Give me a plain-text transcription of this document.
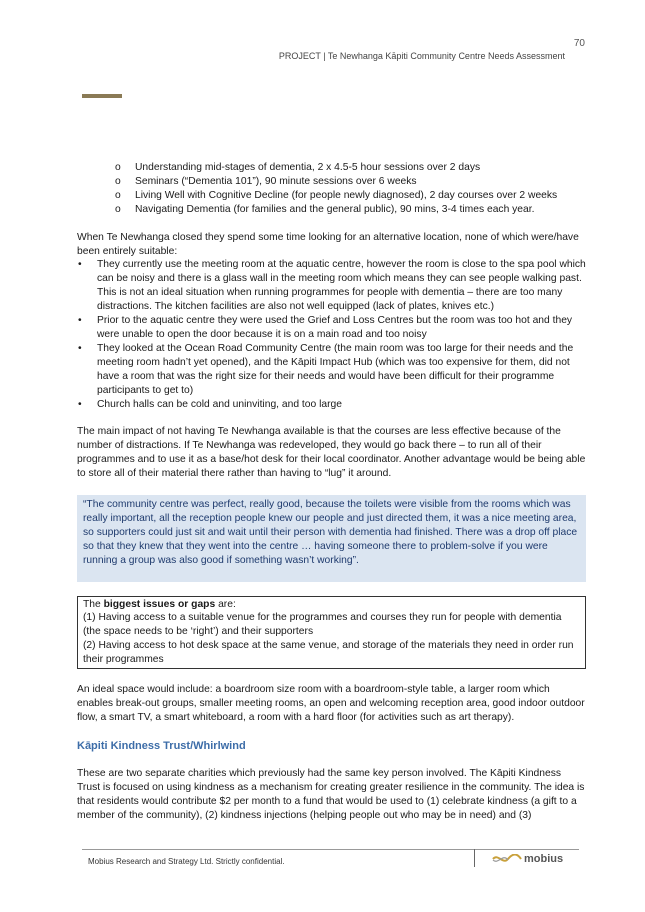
70
PROJECT | Te Newhanga Kāpiti Community Centre Needs Assessment
o Understanding mid-stages of dementia, 2 x 4.5-5 hour sessions over 2 days
o Seminars (“Dementia 101”), 90 minute sessions over 6 weeks
o Living Well with Cognitive Decline (for people newly diagnosed), 2 day courses over 2 weeks
o Navigating Dementia (for families and the general public), 90 mins, 3-4 times each year.

When Te Newhanga closed they spend some time looking for an alternative location, none of which were/have been entirely suitable:

• They currently use the meeting room at the aquatic centre, however the room is close to the spa pool which can be noisy and there is a glass wall in the meeting room which means they can see people walking past. This is not an ideal situation when running programmes for people with dementia – there are too many distractions. The kitchen facilities are also not well equipped (lack of plates, knives etc.)
• Prior to the aquatic centre they were used the Grief and Loss Centres but the room was too hot and they were unable to open the door because it is on a main road and too noisy
• They looked at the Ocean Road Community Centre (the main room was too large for their needs and the meeting room hadn’t yet opened), and the Kāpiti Impact Hub (which was too expensive for them, did not have a room that was the right size for their needs and would have been difficult for their programme participants to get to)
• Church halls can be cold and uninviting, and too large

The main impact of not having Te Newhanga available is that the courses are less effective because of the number of distractions. If Te Newhanga was redeveloped, they would go back there – to run all of their programmes and to use it as a base/hot desk for their local coordinator. Another advantage would be being able to store all of their material there rather than having to “lug” it around.

“The community centre was perfect, really good, because the toilets were visible from the rooms which was really important, all the reception people knew our people and just directed them, it was a nice meeting area, so supporters could just sit and wait until their person with dementia had finished. There was a drop off place so that they knew that they went into the centre … having someone there to problem-solve if you were running a group was also good if something wasn’t working”.
The biggest issues or gaps are:
(1) Having access to a suitable venue for the programmes and courses they run for people with dementia (the space needs to be ‘right’) and their supporters
(2) Having access to hot desk space at the same venue, and storage of the materials they need in order run their programmes

An ideal space would include: a boardroom size room with a boardroom-style table, a larger room which enables break-out groups, smaller meeting rooms, an open and welcoming reception area, good indoor outdoor flow, a smart TV, a smart whiteboard, a room with a hard floor (for activities such as art therapy).

Kāpiti Kindness Trust/Whirlwind

These are two separate charities which previously had the same key person involved. The Kāpiti Kindness Trust is focused on using kindness as a mechanism for creating greater resilience in the community. The idea is that residents would contribute $2 per month to a fund that would be used to (1) celebrate kindness (a gift to a member of the community), (2) kindness injections (helping people out who may be in need) and (3)

Mobius Research and Strategy Ltd. Strictly confidential.	mobius
